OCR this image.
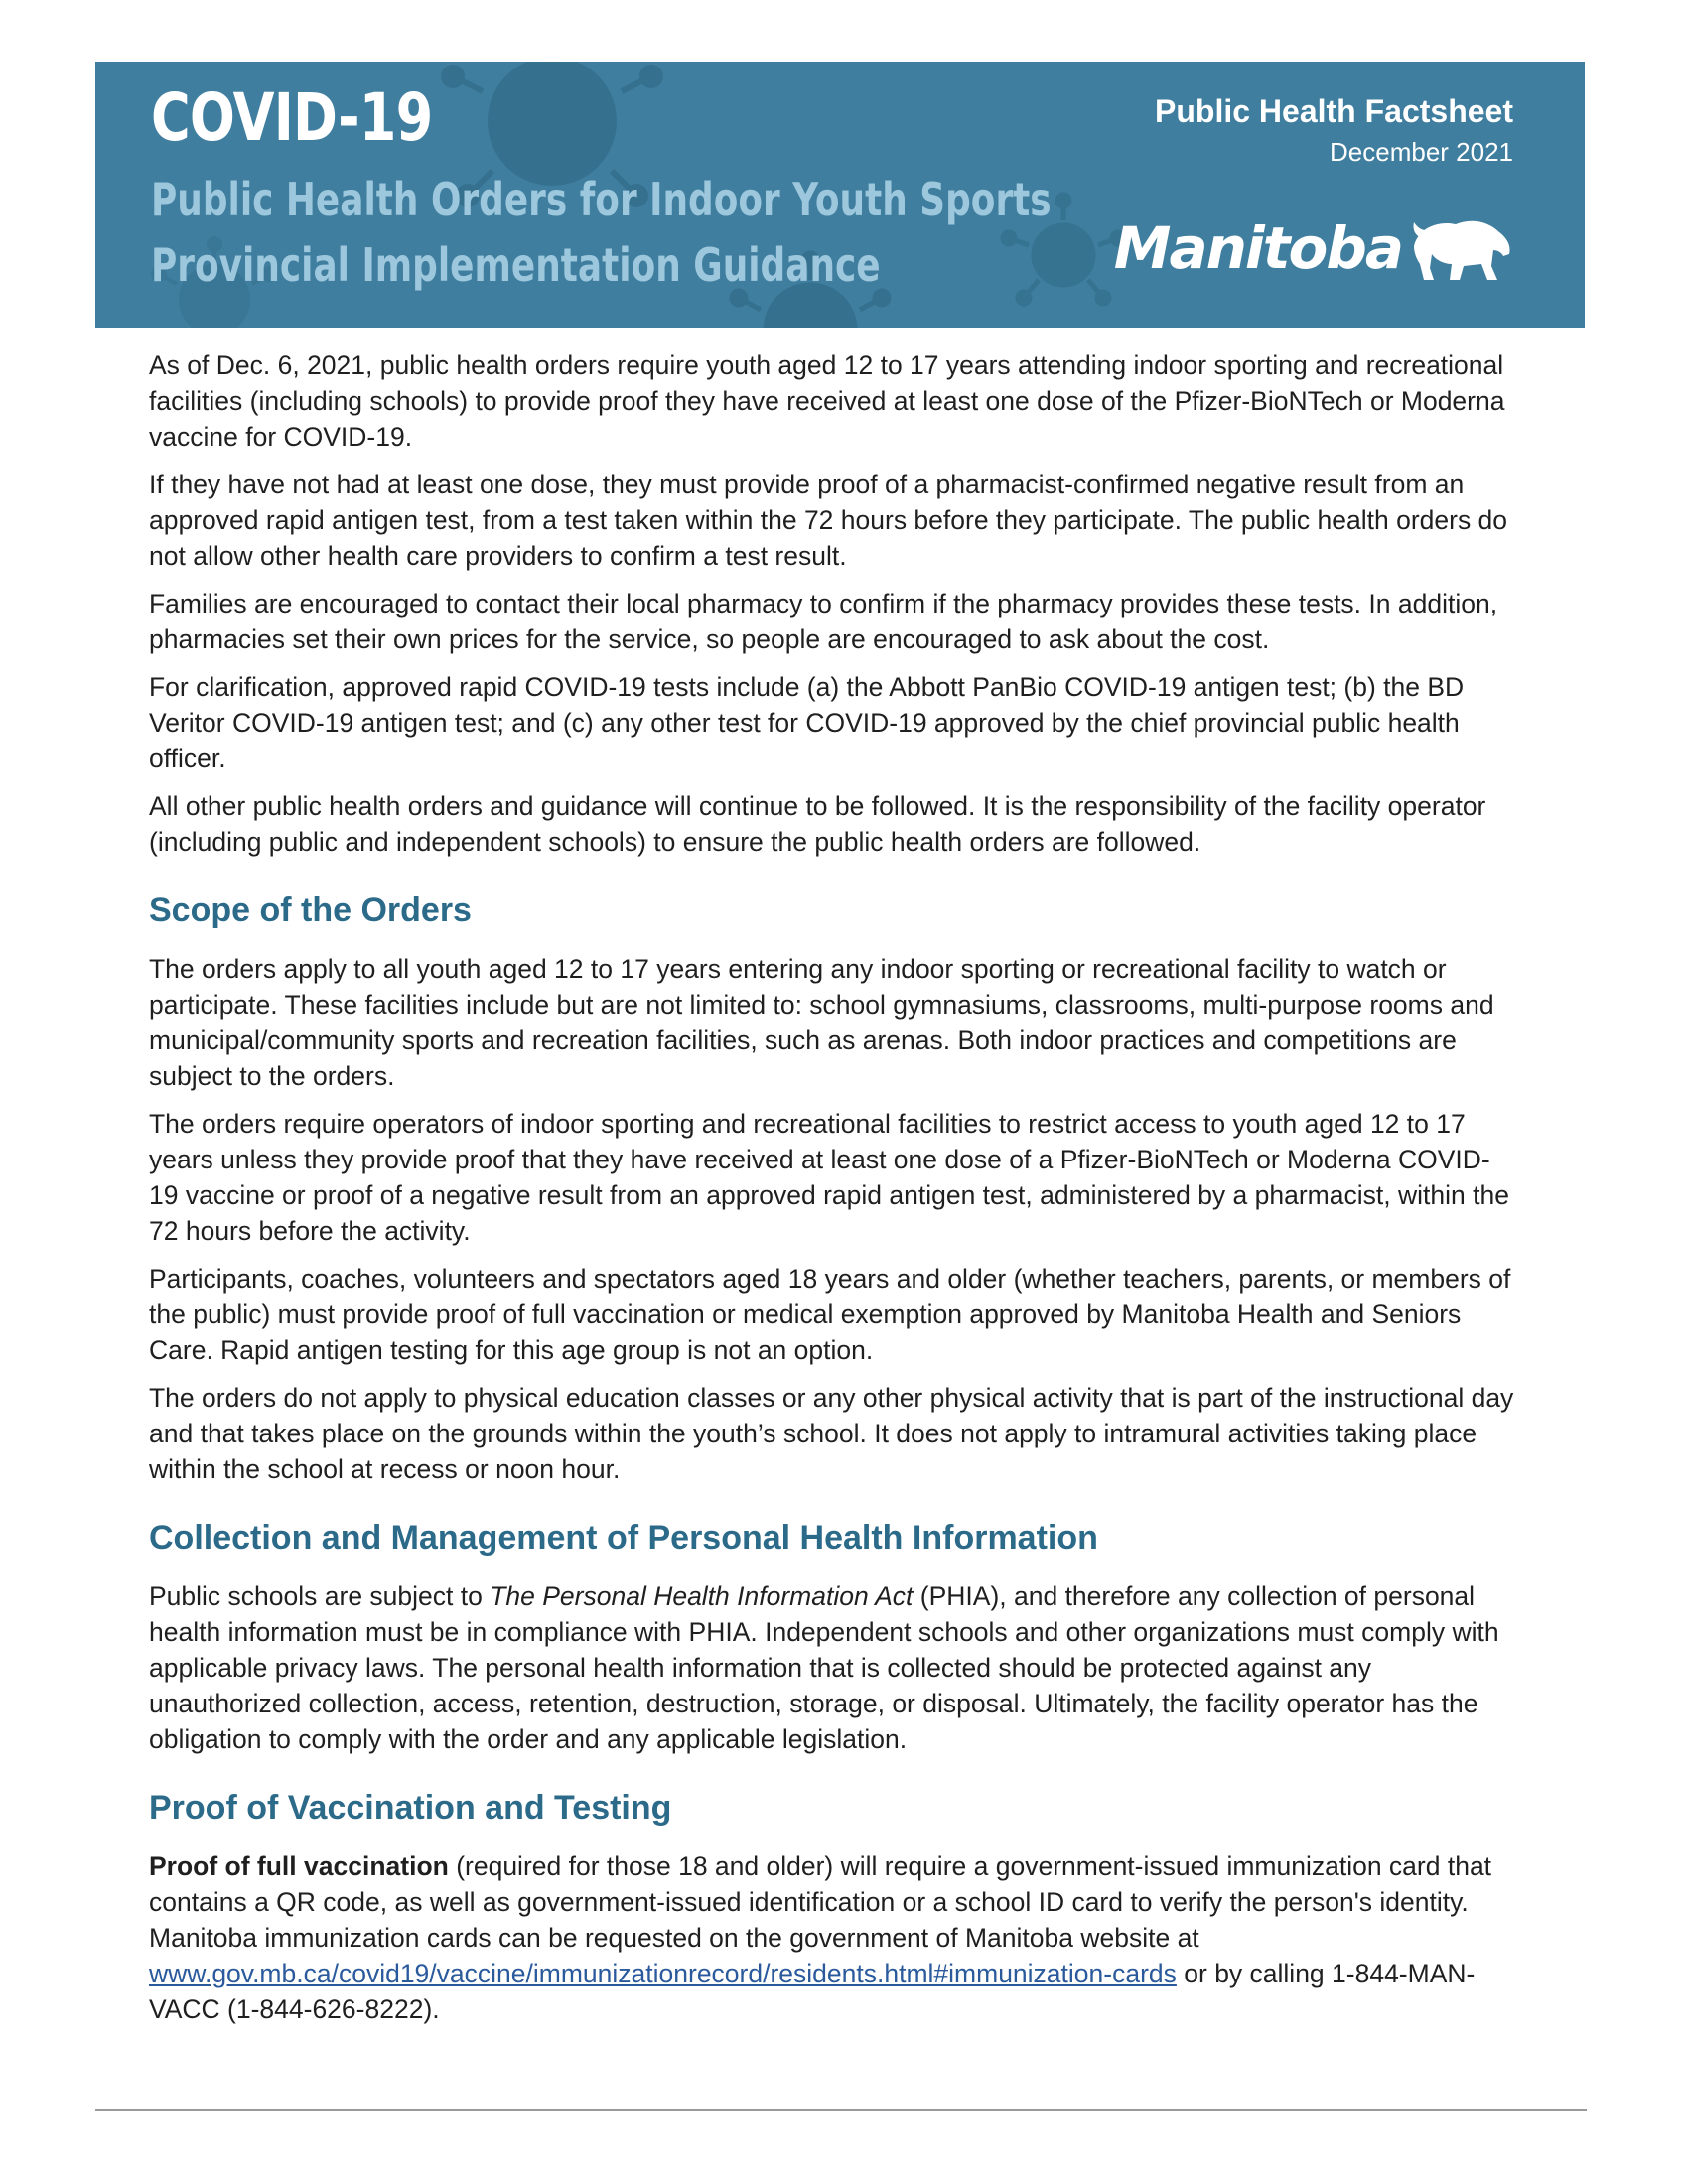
COVID-19
Public Health Orders for Indoor Youth Sports
Provincial Implementation Guidance
Public Health Factsheet
December 2021
Manitoba

As of Dec. 6, 2021, public health orders require youth aged 12 to 17 years attending indoor sporting and recreational facilities (including schools) to provide proof they have received at least one dose of the Pfizer-BioNTech or Moderna vaccine for COVID-19.

If they have not had at least one dose, they must provide proof of a pharmacist-confirmed negative result from an approved rapid antigen test, from a test taken within the 72 hours before they participate. The public health orders do not allow other health care providers to confirm a test result.

Families are encouraged to contact their local pharmacy to confirm if the pharmacy provides these tests. In addition, pharmacies set their own prices for the service, so people are encouraged to ask about the cost.

For clarification, approved rapid COVID-19 tests include (a) the Abbott PanBio COVID-19 antigen test; (b) the BD Veritor COVID-19 antigen test; and (c) any other test for COVID-19 approved by the chief provincial public health officer.

All other public health orders and guidance will continue to be followed. It is the responsibility of the facility operator (including public and independent schools) to ensure the public health orders are followed.

Scope of the Orders

The orders apply to all youth aged 12 to 17 years entering any indoor sporting or recreational facility to watch or participate. These facilities include but are not limited to: school gymnasiums, classrooms, multi-purpose rooms and municipal/community sports and recreation facilities, such as arenas. Both indoor practices and competitions are subject to the orders.

The orders require operators of indoor sporting and recreational facilities to restrict access to youth aged 12 to 17 years unless they provide proof that they have received at least one dose of a Pfizer-BioNTech or Moderna COVID-19 vaccine or proof of a negative result from an approved rapid antigen test, administered by a pharmacist, within the 72 hours before the activity.

Participants, coaches, volunteers and spectators aged 18 years and older (whether teachers, parents, or members of the public) must provide proof of full vaccination or medical exemption approved by Manitoba Health and Seniors Care. Rapid antigen testing for this age group is not an option.

The orders do not apply to physical education classes or any other physical activity that is part of the instructional day and that takes place on the grounds within the youth’s school. It does not apply to intramural activities taking place within the school at recess or noon hour.

Collection and Management of Personal Health Information

Public schools are subject to The Personal Health Information Act (PHIA), and therefore any collection of personal health information must be in compliance with PHIA. Independent schools and other organizations must comply with applicable privacy laws. The personal health information that is collected should be protected against any unauthorized collection, access, retention, destruction, storage, or disposal. Ultimately, the facility operator has the obligation to comply with the order and any applicable legislation.

Proof of Vaccination and Testing

Proof of full vaccination (required for those 18 and older) will require a government-issued immunization card that contains a QR code, as well as government-issued identification or a school ID card to verify the person's identity. Manitoba immunization cards can be requested on the government of Manitoba website at www.gov.mb.ca/covid19/vaccine/immunizationrecord/residents.html#immunization-cards or by calling 1-844-MAN-VACC (1-844-626-8222).
